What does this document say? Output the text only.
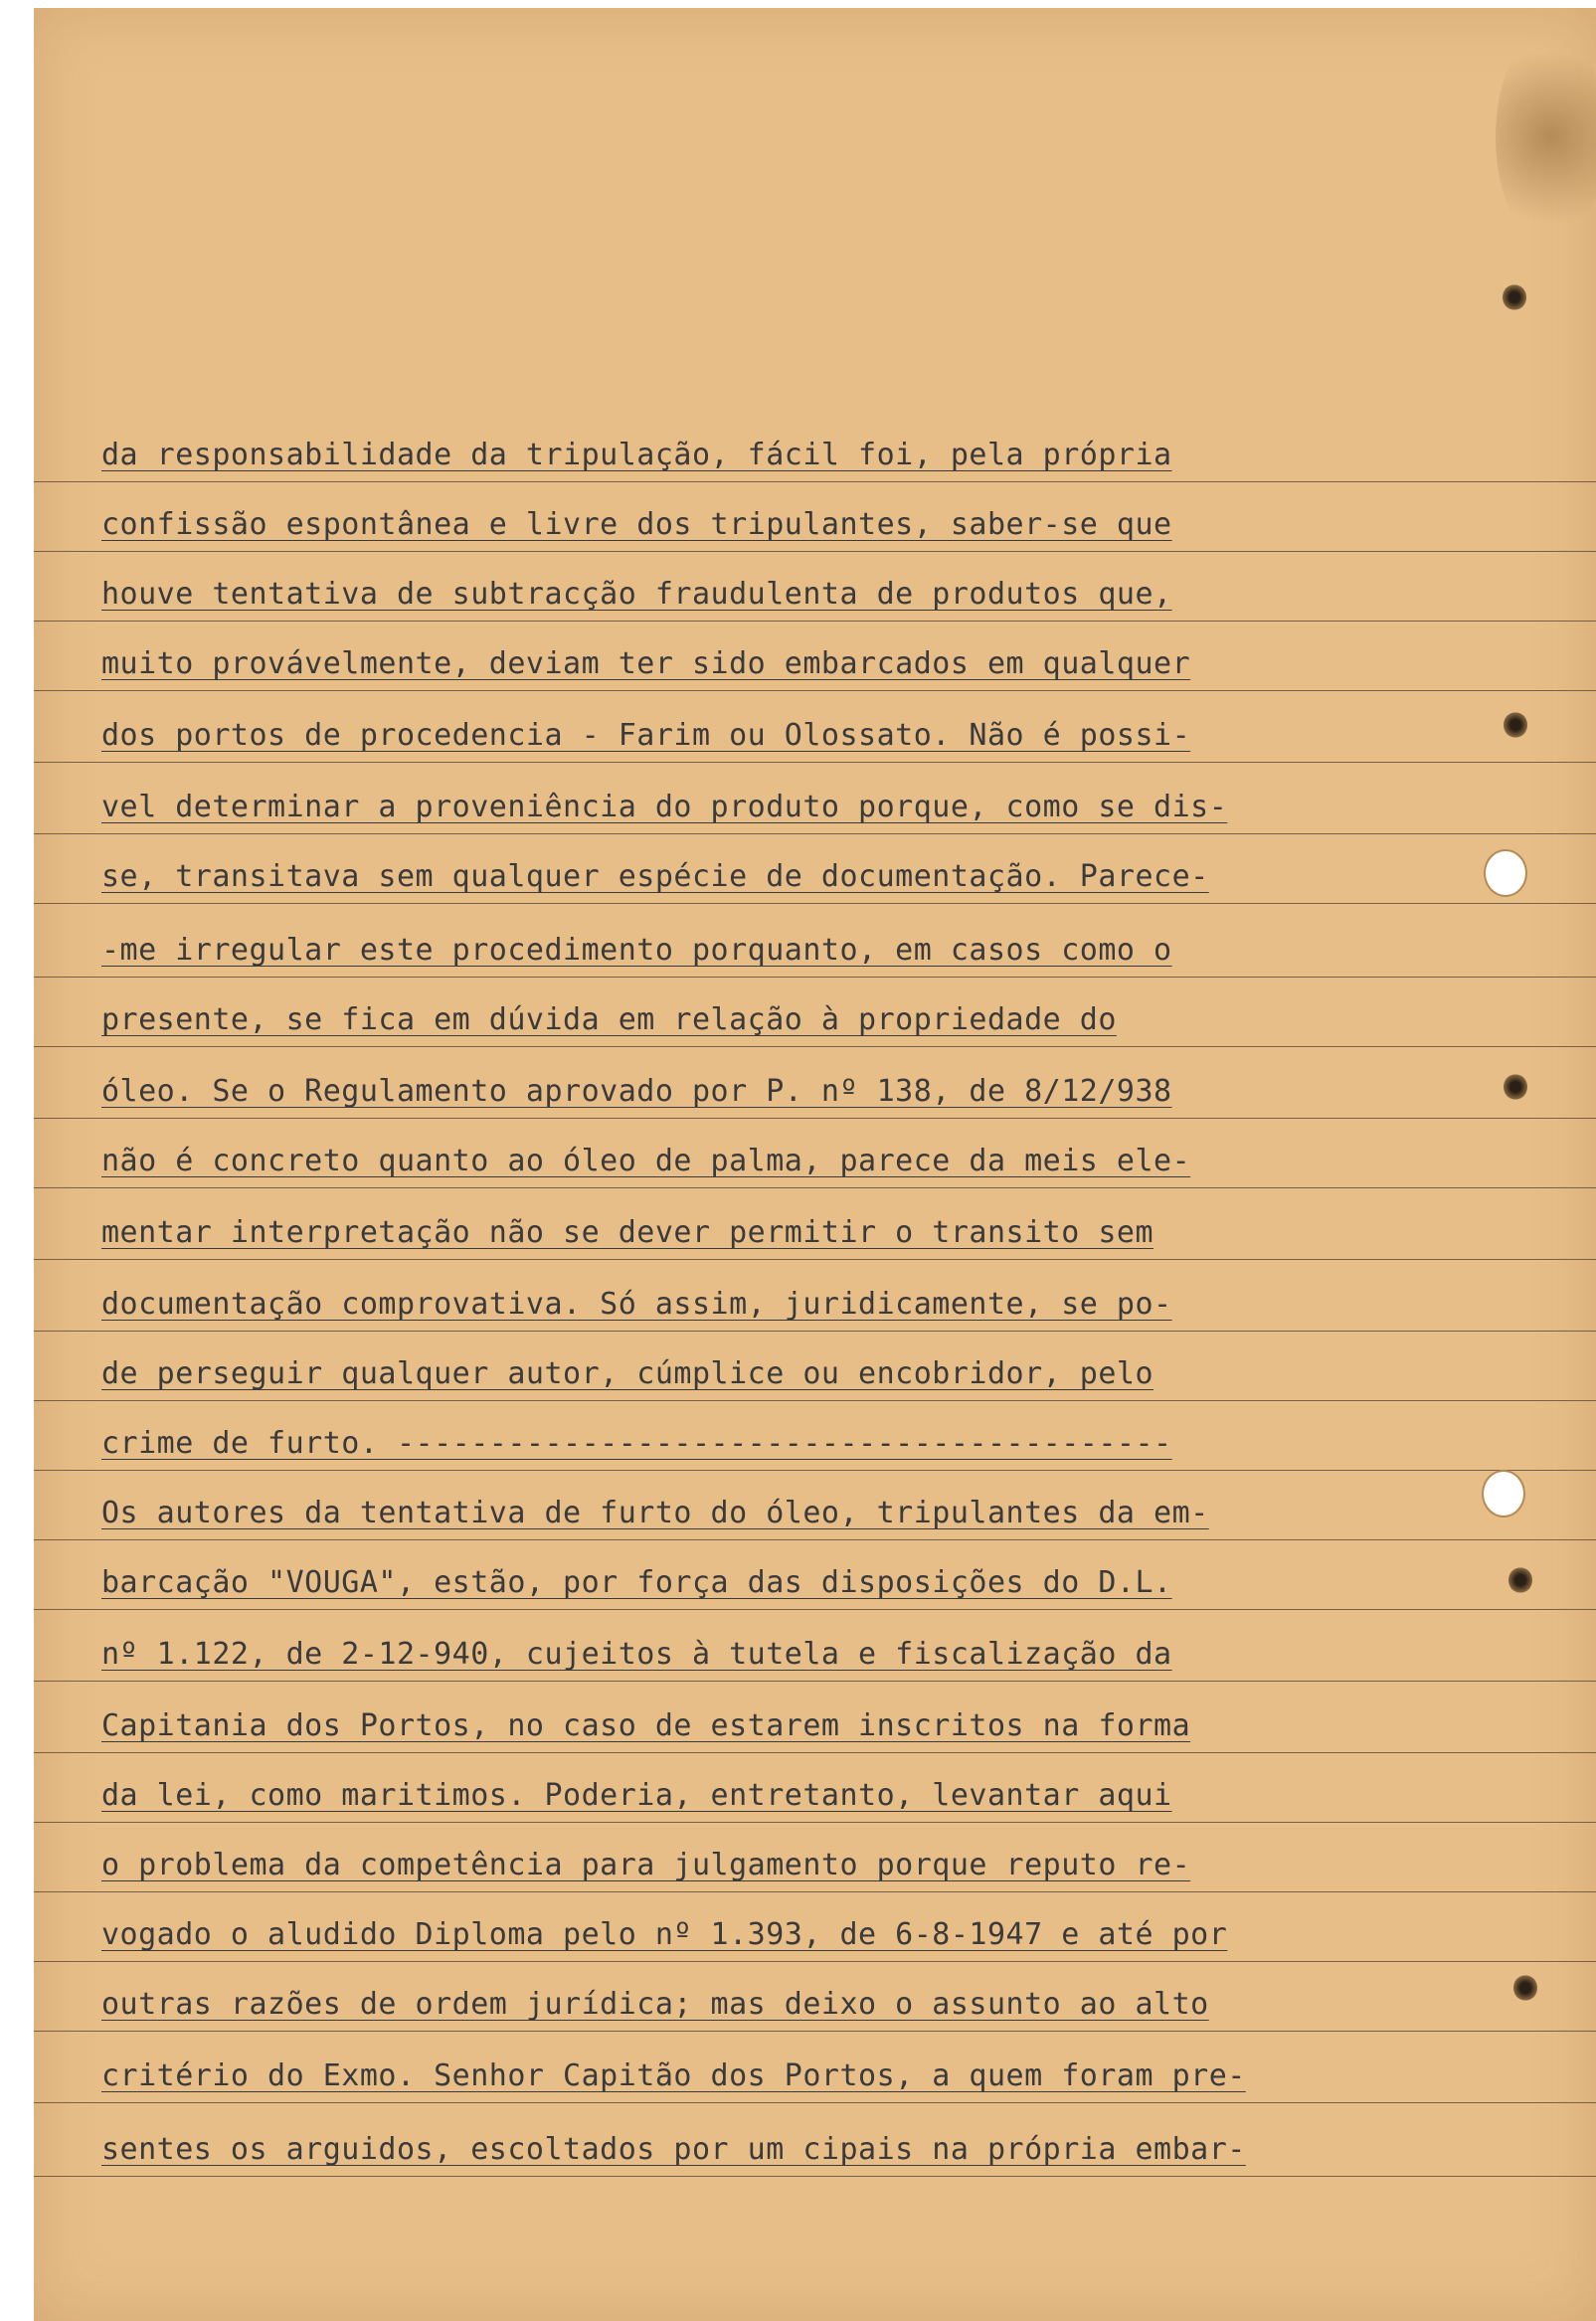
da responsabilidade da tripulação, fácil foi, pela própria
confissão espontânea e livre dos tripulantes, saber-se que
houve tentativa de subtracção fraudulenta de produtos que,
muito provávelmente, deviam ter sido embarcados em qualquer
dos portos de procedencia - Farim ou Olossato. Não é possi-
vel determinar a proveniência do produto porque, como se dis-
se, transitava sem qualquer espécie de documentação. Parece-
-me irregular este procedimento porquanto, em casos como o
presente, se fica em dúvida em relação à propriedade do
óleo. Se o Regulamento aprovado por P. nº 138, de 8/12/938
não é concreto quanto ao óleo de palma, parece da meis ele-
mentar interpretação não se dever permitir o transito sem
documentação comprovativa. Só assim, juridicamente, se po-
de perseguir qualquer autor, cúmplice ou encobridor, pelo
crime de furto. ------------------------------------------
Os autores da tentativa de furto do óleo, tripulantes da em-
barcação "VOUGA", estão, por força das disposições do D.L.
nº 1.122, de 2-12-940, cujeitos à tutela e fiscalização da
Capitania dos Portos, no caso de estarem inscritos na forma
da lei, como maritimos. Poderia, entretanto, levantar aqui
o problema da competência para julgamento porque reputo re-
vogado o aludido Diploma pelo nº 1.393, de 6-8-1947 e até por
outras razões de ordem jurídica; mas deixo o assunto ao alto
critério do Exmo. Senhor Capitão dos Portos, a quem foram pre-
sentes os arguidos, escoltados por um cipais na própria embar-
